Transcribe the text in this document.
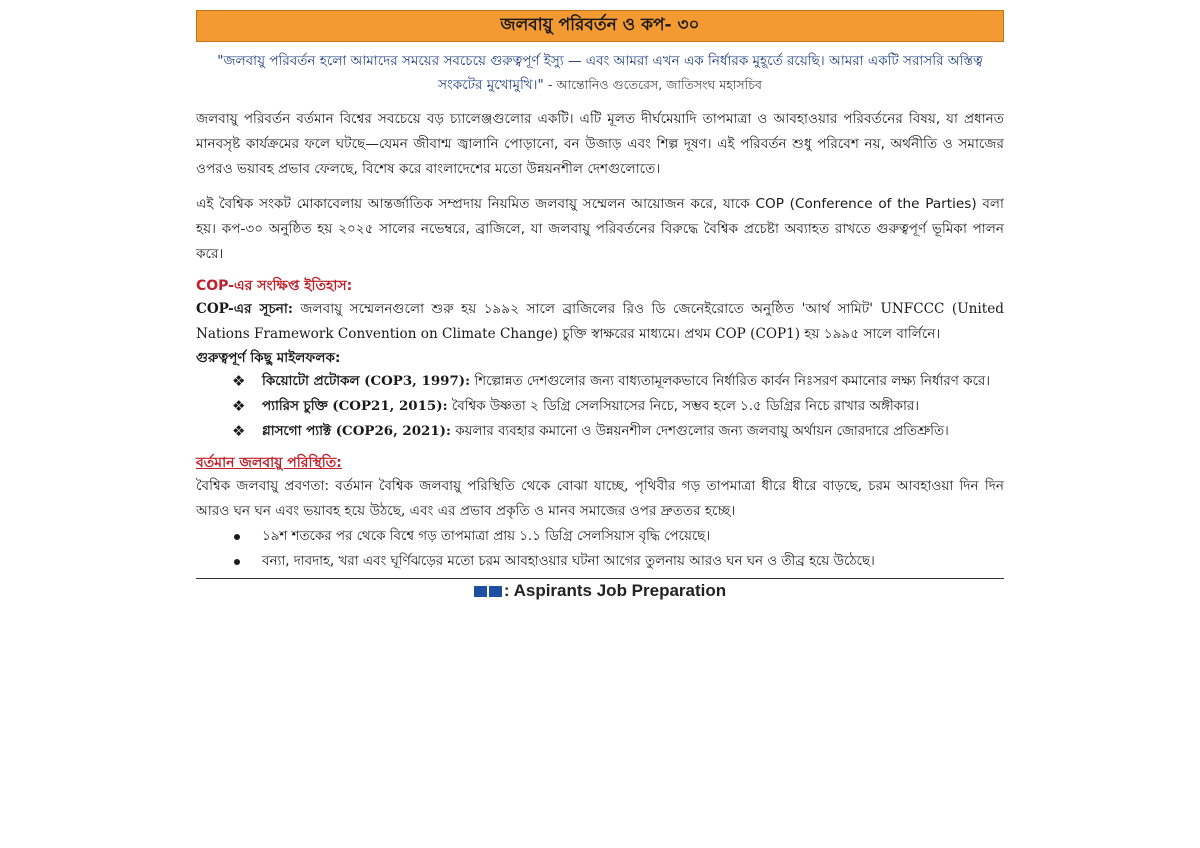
জলবায়ু পরিবর্তন ও কপ- ৩০
"জলবায়ু পরিবর্তন হলো আমাদের সময়ের সবচেয়ে গুরুত্বপূর্ণ ইস্যু — এবং আমরা এখন এক নির্ধারক মুহূর্তে রয়েছি। আমরা একটি সরাসরি অস্তিত্ব সংকটের মুখোমুখি।" - আন্তোনিও গুতেরেস, জাতিসংঘ মহাসচিব

জলবায়ু পরিবর্তন বর্তমান বিশ্বের সবচেয়ে বড় চ্যালেঞ্জগুলোর একটি। এটি মূলত দীর্ঘমেয়াদি তাপমাত্রা ও আবহাওয়ার পরিবর্তনের বিষয়, যা প্রধানত মানবসৃষ্ট কার্যক্রমের ফলে ঘটছে—যেমন জীবাশ্ম জ্বালানি পোড়ানো, বন উজাড় এবং শিল্প দূষণ। এই পরিবর্তন শুধু পরিবেশ নয়, অর্থনীতি ও সমাজের ওপরও ভয়াবহ প্রভাব ফেলছে, বিশেষ করে বাংলাদেশের মতো উন্নয়নশীল দেশগুলোতে।

এই বৈশ্বিক সংকট মোকাবেলায় আন্তর্জাতিক সম্প্রদায় নিয়মিত জলবায়ু সম্মেলন আয়োজন করে, যাকে COP (Conference of the Parties) বলা হয়। কপ-৩০ অনুষ্ঠিত হয় ২০২৫ সালের নভেম্বরে, ব্রাজিলে, যা জলবায়ু পরিবর্তনের বিরুদ্ধে বৈশ্বিক প্রচেষ্টা অব্যাহত রাখতে গুরুত্বপূর্ণ ভূমিকা পালন করে।

COP-এর সংক্ষিপ্ত ইতিহাস:
COP-এর সূচনা: জলবায়ু সম্মেলনগুলো শুরু হয় ১৯৯২ সালে ব্রাজিলের রিও ডি জেনেইরোতে অনুষ্ঠিত 'আর্থ সামিট' UNFCCC (United Nations Framework Convention on Climate Change) চুক্তি স্বাক্ষরের মাধ্যমে। প্রথম COP (COP1) হয় ১৯৯৫ সালে বার্লিনে।
গুরুত্বপূর্ণ কিছু মাইলফলক:
❖ কিয়োটো প্রটোকল (COP3, 1997): শিল্পোন্নত দেশগুলোর জন্য বাধ্যতামূলকভাবে নির্ধারিত কার্বন নিঃসরণ কমানোর লক্ষ্য নির্ধারণ করে।
❖ প্যারিস চুক্তি (COP21, 2015): বৈশ্বিক উষ্ণতা ২ ডিগ্রি সেলসিয়াসের নিচে, সম্ভব হলে ১.৫ ডিগ্রির নিচে রাখার অঙ্গীকার।
❖ গ্লাসগো প্যাক্ট (COP26, 2021): কয়লার ব্যবহার কমানো ও উন্নয়নশীল দেশগুলোর জন্য জলবায়ু অর্থায়ন জোরদারে প্রতিশ্রুতি।
বর্তমান জলবায়ু পরিস্থিতি:
বৈশ্বিক জলবায়ু প্রবণতা: বর্তমান বৈশ্বিক জলবায়ু পরিস্থিতি থেকে বোঝা যাচ্ছে, পৃথিবীর গড় তাপমাত্রা ধীরে ধীরে বাড়ছে, চরম আবহাওয়া দিন দিন আরও ঘন ঘন এবং ভয়াবহ হয়ে উঠছে, এবং এর প্রভাব প্রকৃতি ও মানব সমাজের ওপর দ্রুততর হচ্ছে।
১৯শ শতকের পর থেকে বিশ্বে গড় তাপমাত্রা প্রায় ১.১ ডিগ্রি সেলসিয়াস বৃদ্ধি পেয়েছে।
বন্যা, দাবদাহ, খরা এবং ঘূর্ণিঝড়ের মতো চরম আবহাওয়ার ঘটনা আগের তুলনায় আরও ঘন ঘন ও তীব্র হয়ে উঠেছে।
: Aspirants Job Preparation
